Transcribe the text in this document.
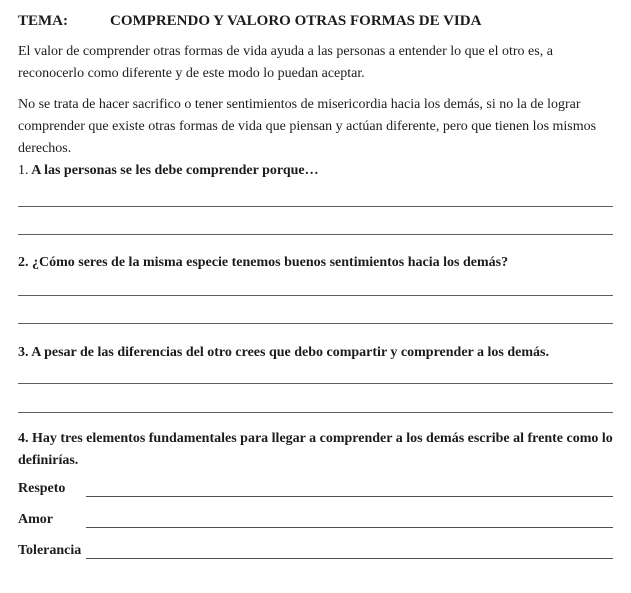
TEMA:	COMPRENDO Y VALORO OTRAS FORMAS DE VIDA

El valor de comprender otras formas de vida ayuda a las personas a entender lo que el otro es, a reconocerlo como diferente y de este modo lo puedan aceptar.

No se trata de hacer sacrifico o tener sentimientos de misericordia hacia los demás, si no la de lograr comprender que existe otras formas de vida que piensan y actúan diferente, pero que tienen los mismos derechos.

1. A las personas se les debe comprender porque…

2. ¿Cómo seres de la misma especie tenemos buenos sentimientos hacia los demás?

3. A pesar de las diferencias del otro crees que debo compartir y comprender a los demás.

4. Hay tres elementos fundamentales para llegar a comprender a los demás escribe al frente como lo definirías.

Respeto
Amor
Tolerancia
